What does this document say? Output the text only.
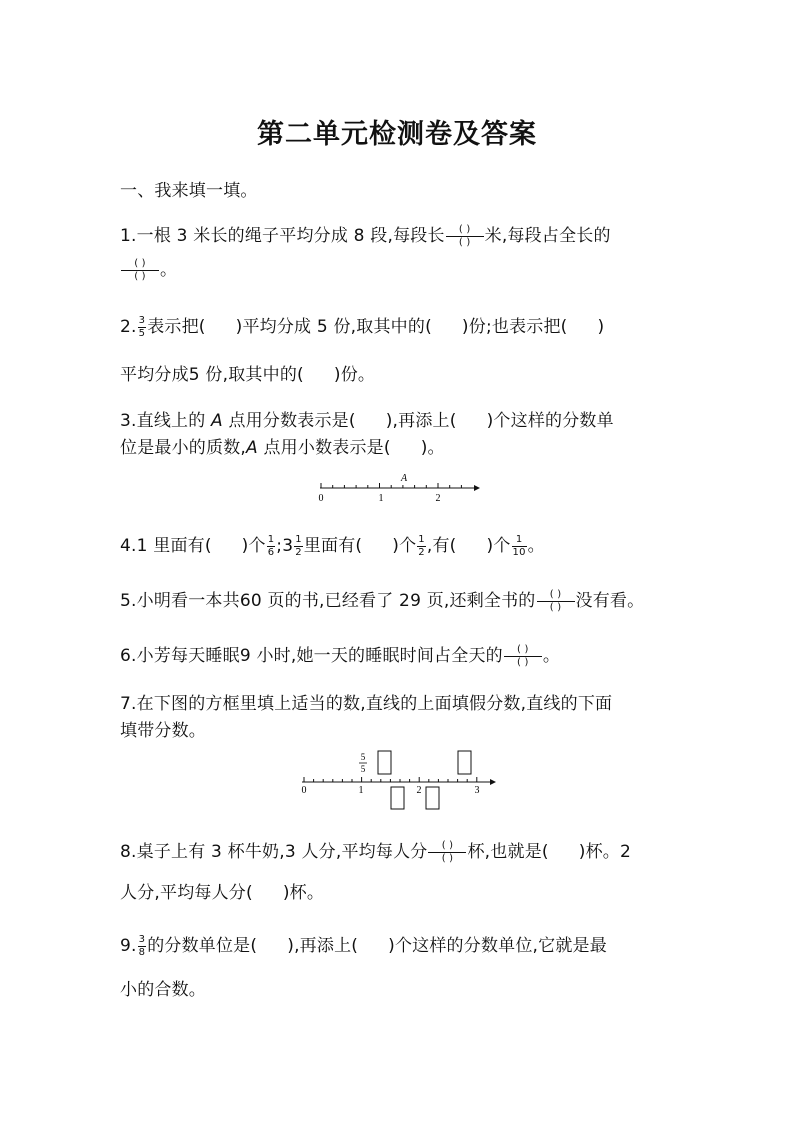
第二单元检测卷及答案
一、我来填一填。
1.一根 3 米长的绳子平均分成 8 段,每段长 $\frac{( )}{( )}$ 米,每段占全长的
$\frac{( )}{( )}$ 。
2. $\frac{3}{5}$ 表示把( )平均分成 5 份,取其中的( )份;也表示把( )
平均分成5 份,取其中的( )份。
3.直线上的 A 点用分数表示是( ),再添上( )个这样的分数单
位是最小的质数,A 点用小数表示是( )。
0	1	2
A
4.1 里面有( )个 $\frac{1}{6}$ ;3 $\frac{1}{2}$ 里面有( )个 $\frac{1}{2}$ ,有( )个 $\frac{1}{10}$ 。
5.小明看一本共60 页的书,已经看了 29 页,还剩全书的 $\frac{( )}{( )}$ 没有看。
6.小芳每天睡眠9 小时,她一天的睡眠时间占全天的 $\frac{( )}{( )}$ 。
7.在下图的方框里填上适当的数,直线的上面填假分数,直线的下面
填带分数。
0	1	2	3
5
5
8.桌子上有 3 杯牛奶,3 人分,平均每人分 $\frac{( )}{( )}$ 杯,也就是( )杯。2
人分,平均每人分( )杯。
9. $\frac{3}{8}$ 的分数单位是( ),再添上( )个这样的分数单位,它就是最
小的合数。
